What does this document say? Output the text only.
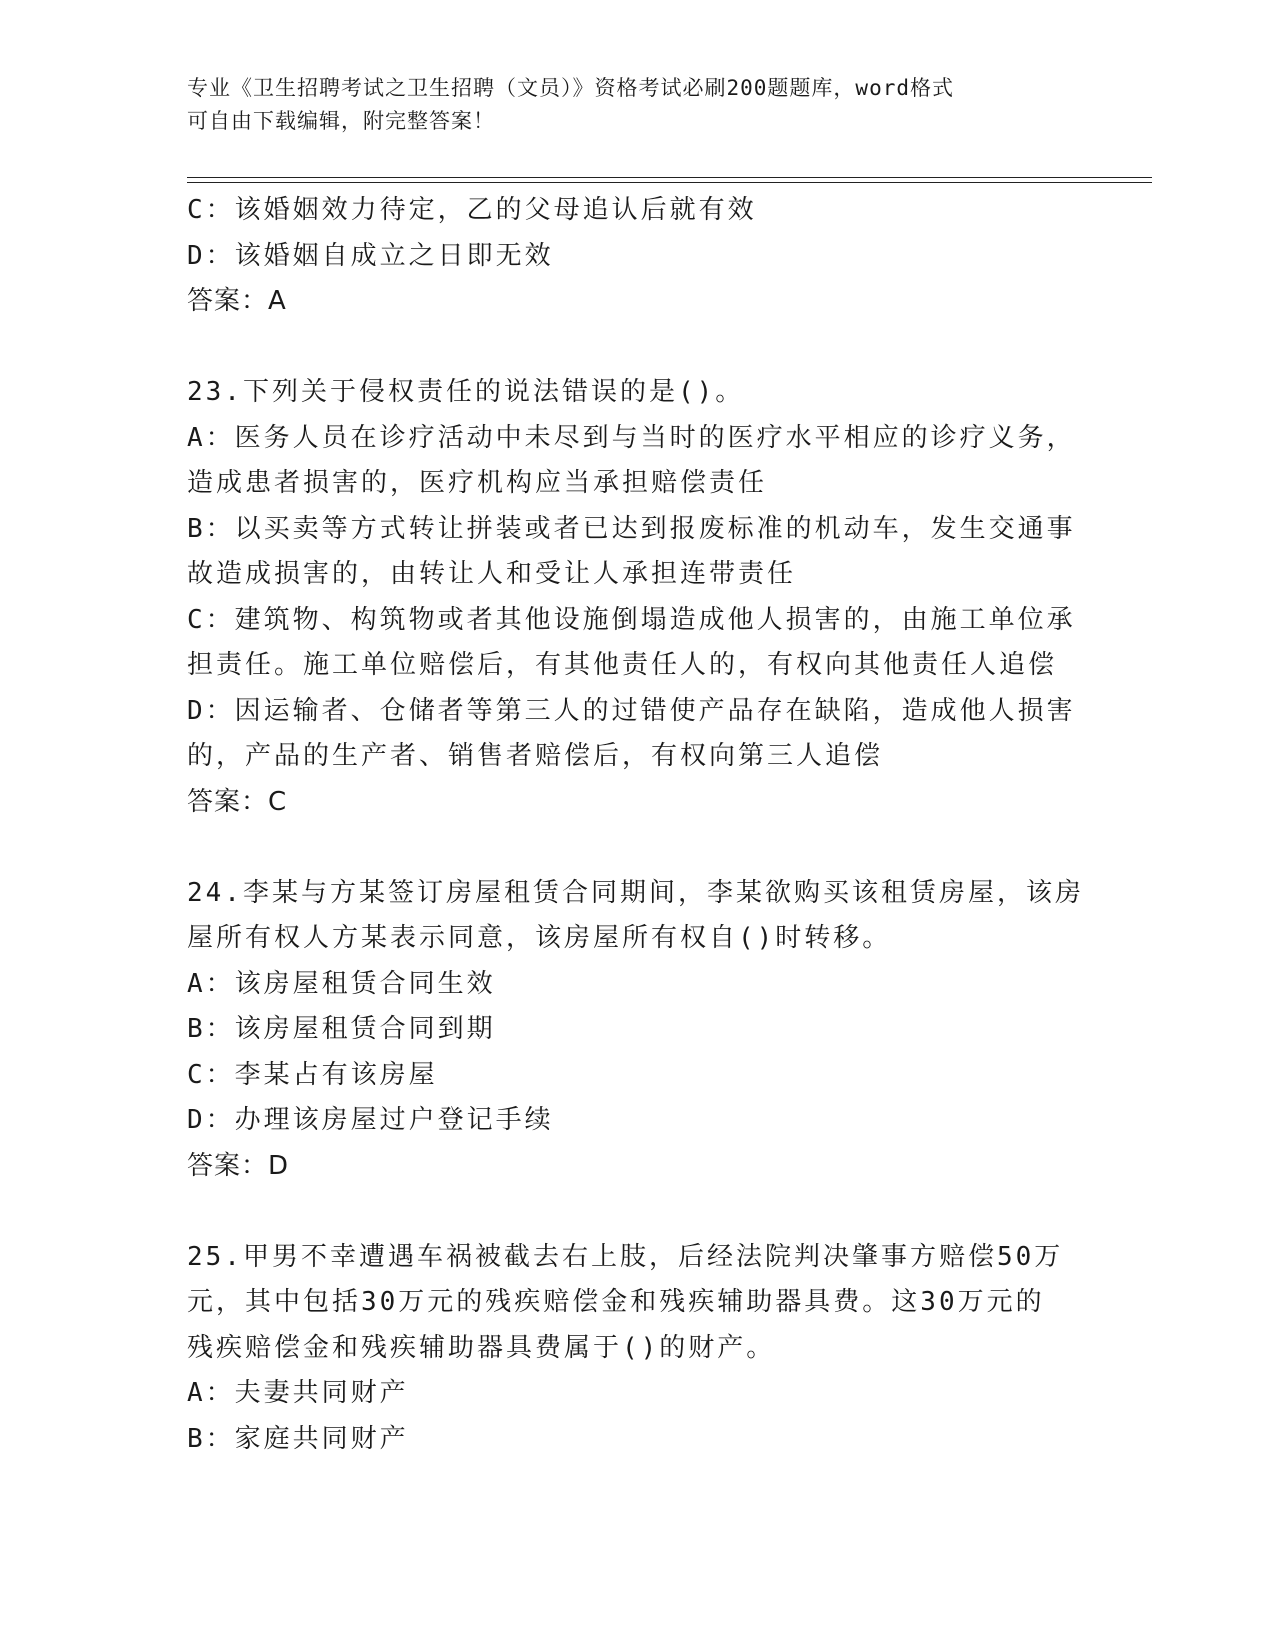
专业《卫生招聘考试之卫生招聘（文员）》资格考试必刷200题题库，word格式
可自由下载编辑，附完整答案！
C：该婚姻效力待定，乙的父母追认后就有效
D：该婚姻自成立之日即无效
答案：A
23.下列关于侵权责任的说法错误的是()。
A：医务人员在诊疗活动中未尽到与当时的医疗水平相应的诊疗义务，
造成患者损害的，医疗机构应当承担赔偿责任
B：以买卖等方式转让拼装或者已达到报废标准的机动车，发生交通事
故造成损害的，由转让人和受让人承担连带责任
C：建筑物、构筑物或者其他设施倒塌造成他人损害的，由施工单位承
担责任。施工单位赔偿后，有其他责任人的，有权向其他责任人追偿
D：因运输者、仓储者等第三人的过错使产品存在缺陷，造成他人损害
的，产品的生产者、销售者赔偿后，有权向第三人追偿
答案：C
24.李某与方某签订房屋租赁合同期间，李某欲购买该租赁房屋，该房
屋所有权人方某表示同意，该房屋所有权自()时转移。
A：该房屋租赁合同生效
B：该房屋租赁合同到期
C：李某占有该房屋
D：办理该房屋过户登记手续
答案：D
25.甲男不幸遭遇车祸被截去右上肢，后经法院判决肇事方赔偿50万
元，其中包括30万元的残疾赔偿金和残疾辅助器具费。这30万元的
残疾赔偿金和残疾辅助器具费属于()的财产。
A：夫妻共同财产
B：家庭共同财产
